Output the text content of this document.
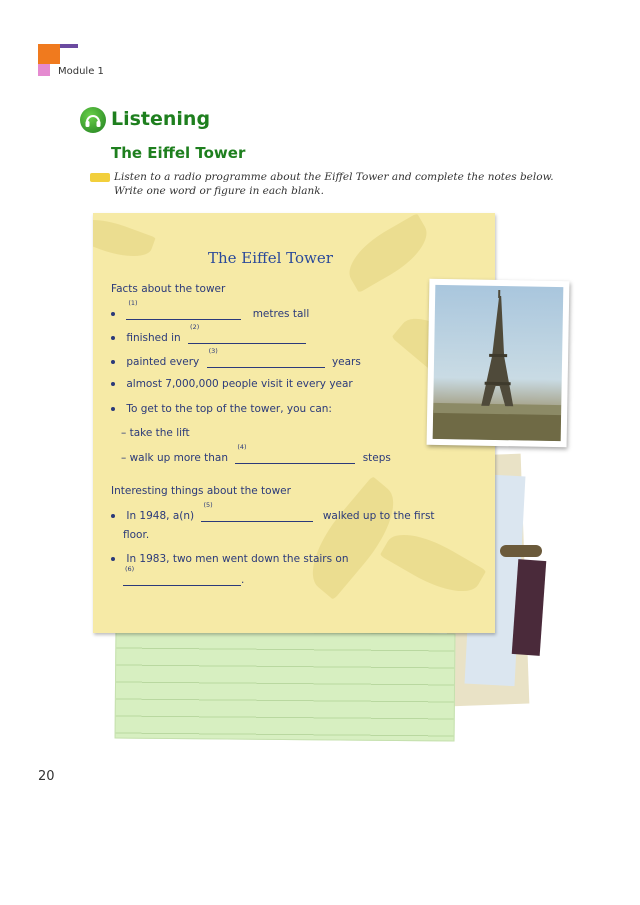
Module 1
Listening
The Eiffel Tower
Listen to a radio programme about the Eiffel Tower and complete the notes below.
Write one word or figure in each blank.
The Eiffel Tower
Facts about the tower

(1)
metres tall
finished in
(2)
painted every
(3)
years
almost 7,000,000 people visit it every year
To get to the top of the tower, you can:
– take the lift
– walk up more than
(4)
steps
Interesting things about the tower
In 1948, a(n)
(5)
walked up to the first
floor.
In 1983, two men went down the stairs on
(6)
.
20
